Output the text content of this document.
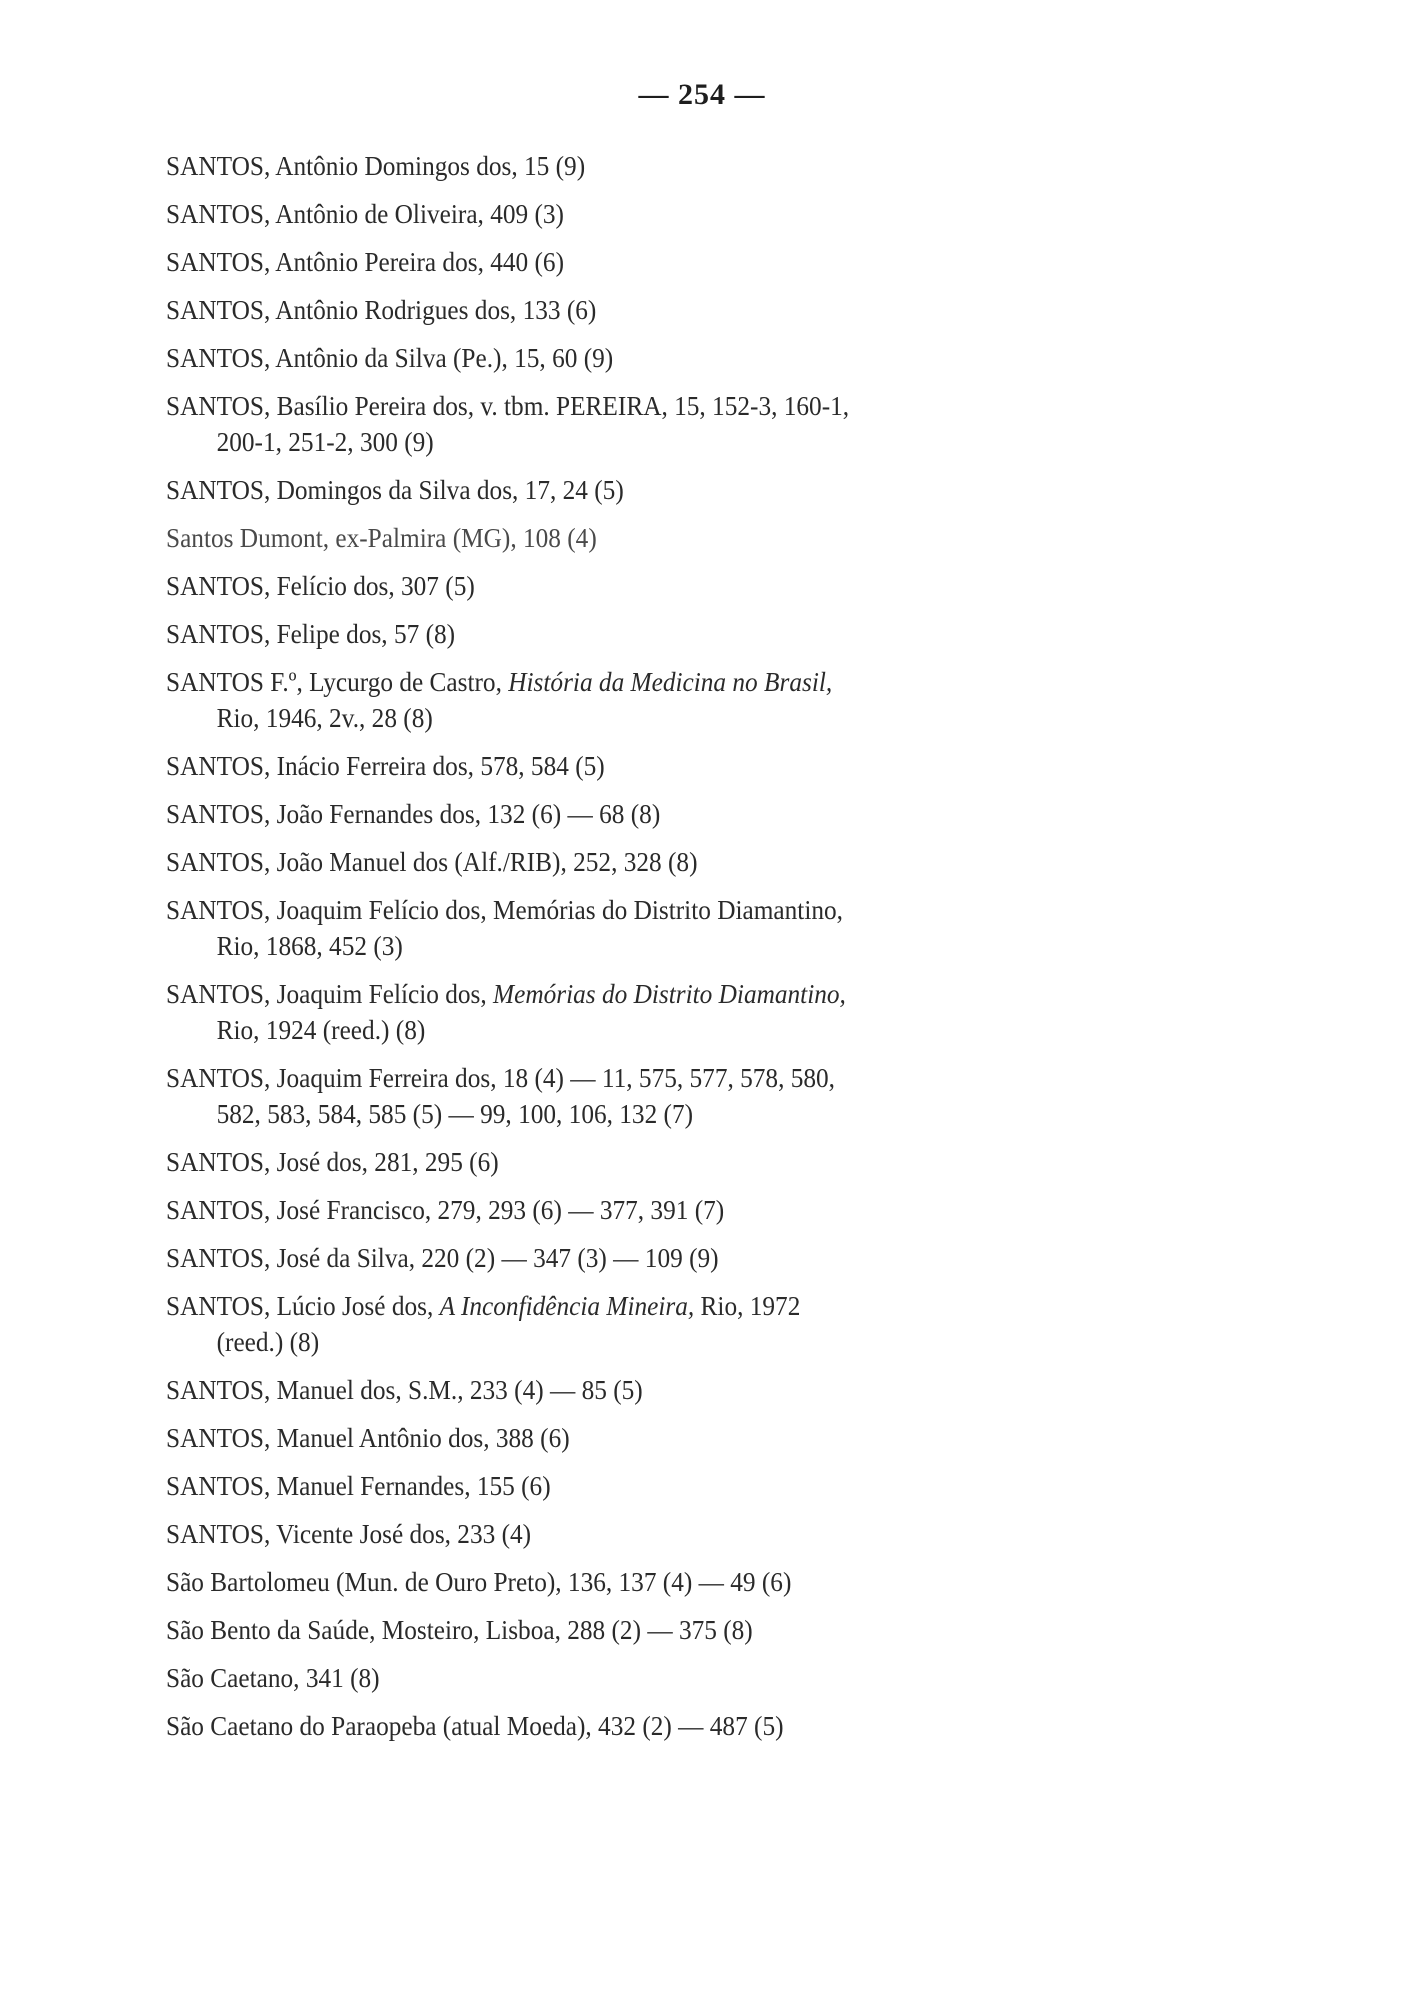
— 254 —
SANTOS, Antônio Domingos dos, 15 (9)
SANTOS, Antônio de Oliveira, 409 (3)
SANTOS, Antônio Pereira dos, 440 (6)
SANTOS, Antônio Rodrigues dos, 133 (6)
SANTOS, Antônio da Silva (Pe.), 15, 60 (9)
SANTOS, Basílio Pereira dos, v. tbm. PEREIRA, 15, 152-3, 160-1,
200-1, 251-2, 300 (9)
SANTOS, Domingos da Silva dos, 17, 24 (5)
Santos Dumont, ex-Palmira (MG), 108 (4)
SANTOS, Felício dos, 307 (5)
SANTOS, Felipe dos, 57 (8)
SANTOS F.º, Lycurgo de Castro, História da Medicina no Brasil,
Rio, 1946, 2v., 28 (8)
SANTOS, Inácio Ferreira dos, 578, 584 (5)
SANTOS, João Fernandes dos, 132 (6) — 68 (8)
SANTOS, João Manuel dos (Alf./RIB), 252, 328 (8)
SANTOS, Joaquim Felício dos, Memórias do Distrito Diamantino,
Rio, 1868, 452 (3)
SANTOS, Joaquim Felício dos, Memórias do Distrito Diamantino,
Rio, 1924 (reed.) (8)
SANTOS, Joaquim Ferreira dos, 18 (4) — 11, 575, 577, 578, 580,
582, 583, 584, 585 (5) — 99, 100, 106, 132 (7)
SANTOS, José dos, 281, 295 (6)
SANTOS, José Francisco, 279, 293 (6) — 377, 391 (7)
SANTOS, José da Silva, 220 (2) — 347 (3) — 109 (9)
SANTOS, Lúcio José dos, A Inconfidência Mineira, Rio, 1972
(reed.) (8)
SANTOS, Manuel dos, S.M., 233 (4) — 85 (5)
SANTOS, Manuel Antônio dos, 388 (6)
SANTOS, Manuel Fernandes, 155 (6)
SANTOS, Vicente José dos, 233 (4)
São Bartolomeu (Mun. de Ouro Preto), 136, 137 (4) — 49 (6)
São Bento da Saúde, Mosteiro, Lisboa, 288 (2) — 375 (8)
São Caetano, 341 (8)
São Caetano do Paraopeba (atual Moeda), 432 (2) — 487 (5)
